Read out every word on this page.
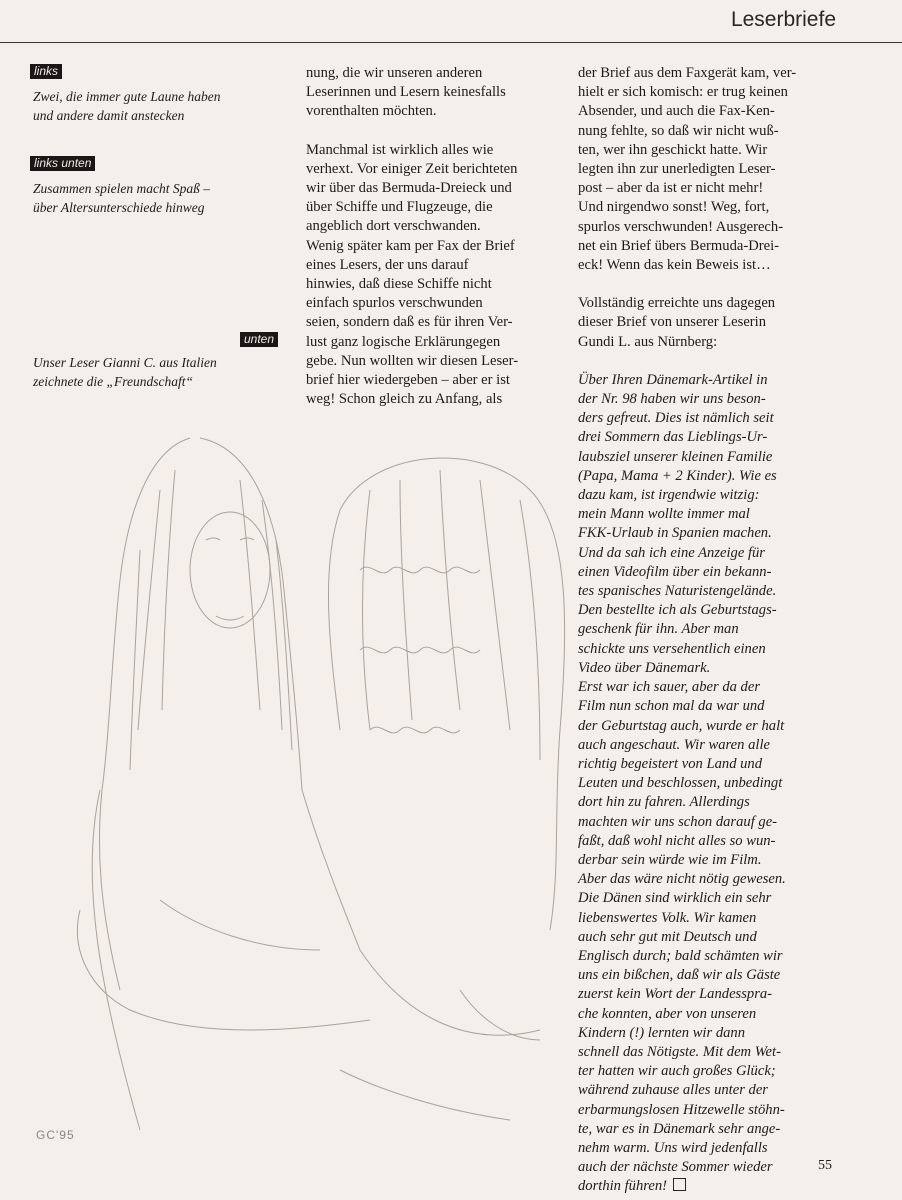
Leserbriefe
links
Zwei, die immer gute Laune haben
und andere damit anstecken
links unten
Zusammen spielen macht Spaß –
über Altersunterschiede hinweg
unten
Unser Leser Gianni C. aus Italien
zeichnete die „Freundschaft“

nung, die wir unseren anderen
Leserinnen und Lesern keinesfalls
vorenthalten möchten.

Manchmal ist wirklich alles wie
verhext. Vor einiger Zeit berichteten
wir über das Bermuda-Dreieck und
über Schiffe und Flugzeuge, die
angeblich dort verschwanden.
Wenig später kam per Fax der Brief
eines Lesers, der uns darauf
hinwies, daß diese Schiffe nicht
einfach spurlos verschwunden
seien, sondern daß es für ihren Ver-
lust ganz logische Erklärungegen
gebe. Nun wollten wir diesen Leser-
brief hier wiedergeben – aber er ist
weg! Schon gleich zu Anfang, als

der Brief aus dem Faxgerät kam, ver-
hielt er sich komisch: er trug keinen
Absender, und auch die Fax-Ken-
nung fehlte, so daß wir nicht wuß-
ten, wer ihn geschickt hatte. Wir
legten ihn zur unerledigten Leser-
post – aber da ist er nicht mehr!
Und nirgendwo sonst! Weg, fort,
spurlos verschwunden! Ausgerech-
net ein Brief übers Bermuda-Drei-
eck! Wenn das kein Beweis ist…

Vollständig erreichte uns dagegen
dieser Brief von unserer Leserin
Gundi L. aus Nürnberg:

Über Ihren Dänemark-Artikel in
der Nr. 98 haben wir uns beson-
ders gefreut. Dies ist nämlich seit
drei Sommern das Lieblings-Ur-
laubsziel unserer kleinen Familie
(Papa, Mama + 2 Kinder). Wie es
dazu kam, ist irgendwie witzig:
mein Mann wollte immer mal
FKK-Urlaub in Spanien machen.
Und da sah ich eine Anzeige für
einen Videofilm über ein bekann-
tes spanisches Naturistengelände.
Den bestellte ich als Geburtstags-
geschenk für ihn. Aber man
schickte uns versehentlich einen
Video über Dänemark.
Erst war ich sauer, aber da der
Film nun schon mal da war und
der Geburtstag auch, wurde er halt
auch angeschaut. Wir waren alle
richtig begeistert von Land und
Leuten und beschlossen, unbedingt
dort hin zu fahren. Allerdings
machten wir uns schon darauf ge-
faßt, daß wohl nicht alles so wun-
derbar sein würde wie im Film.
Aber das wäre nicht nötig gewesen.
Die Dänen sind wirklich ein sehr
liebenswertes Volk. Wir kamen
auch sehr gut mit Deutsch und
Englisch durch; bald schämten wir
uns ein bißchen, daß wir als Gäste
zuerst kein Wort der Landesspra-
che konnten, aber von unseren
Kindern (!) lernten wir dann
schnell das Nötigste. Mit dem Wet-
ter hatten wir auch großes Glück;
während zuhause alles unter der
erbarmungslosen Hitzewelle stöhn-
te, war es in Dänemark sehr ange-
nehm warm. Uns wird jedenfalls
auch der nächste Sommer wieder
dorthin führen!

GC'95
55
